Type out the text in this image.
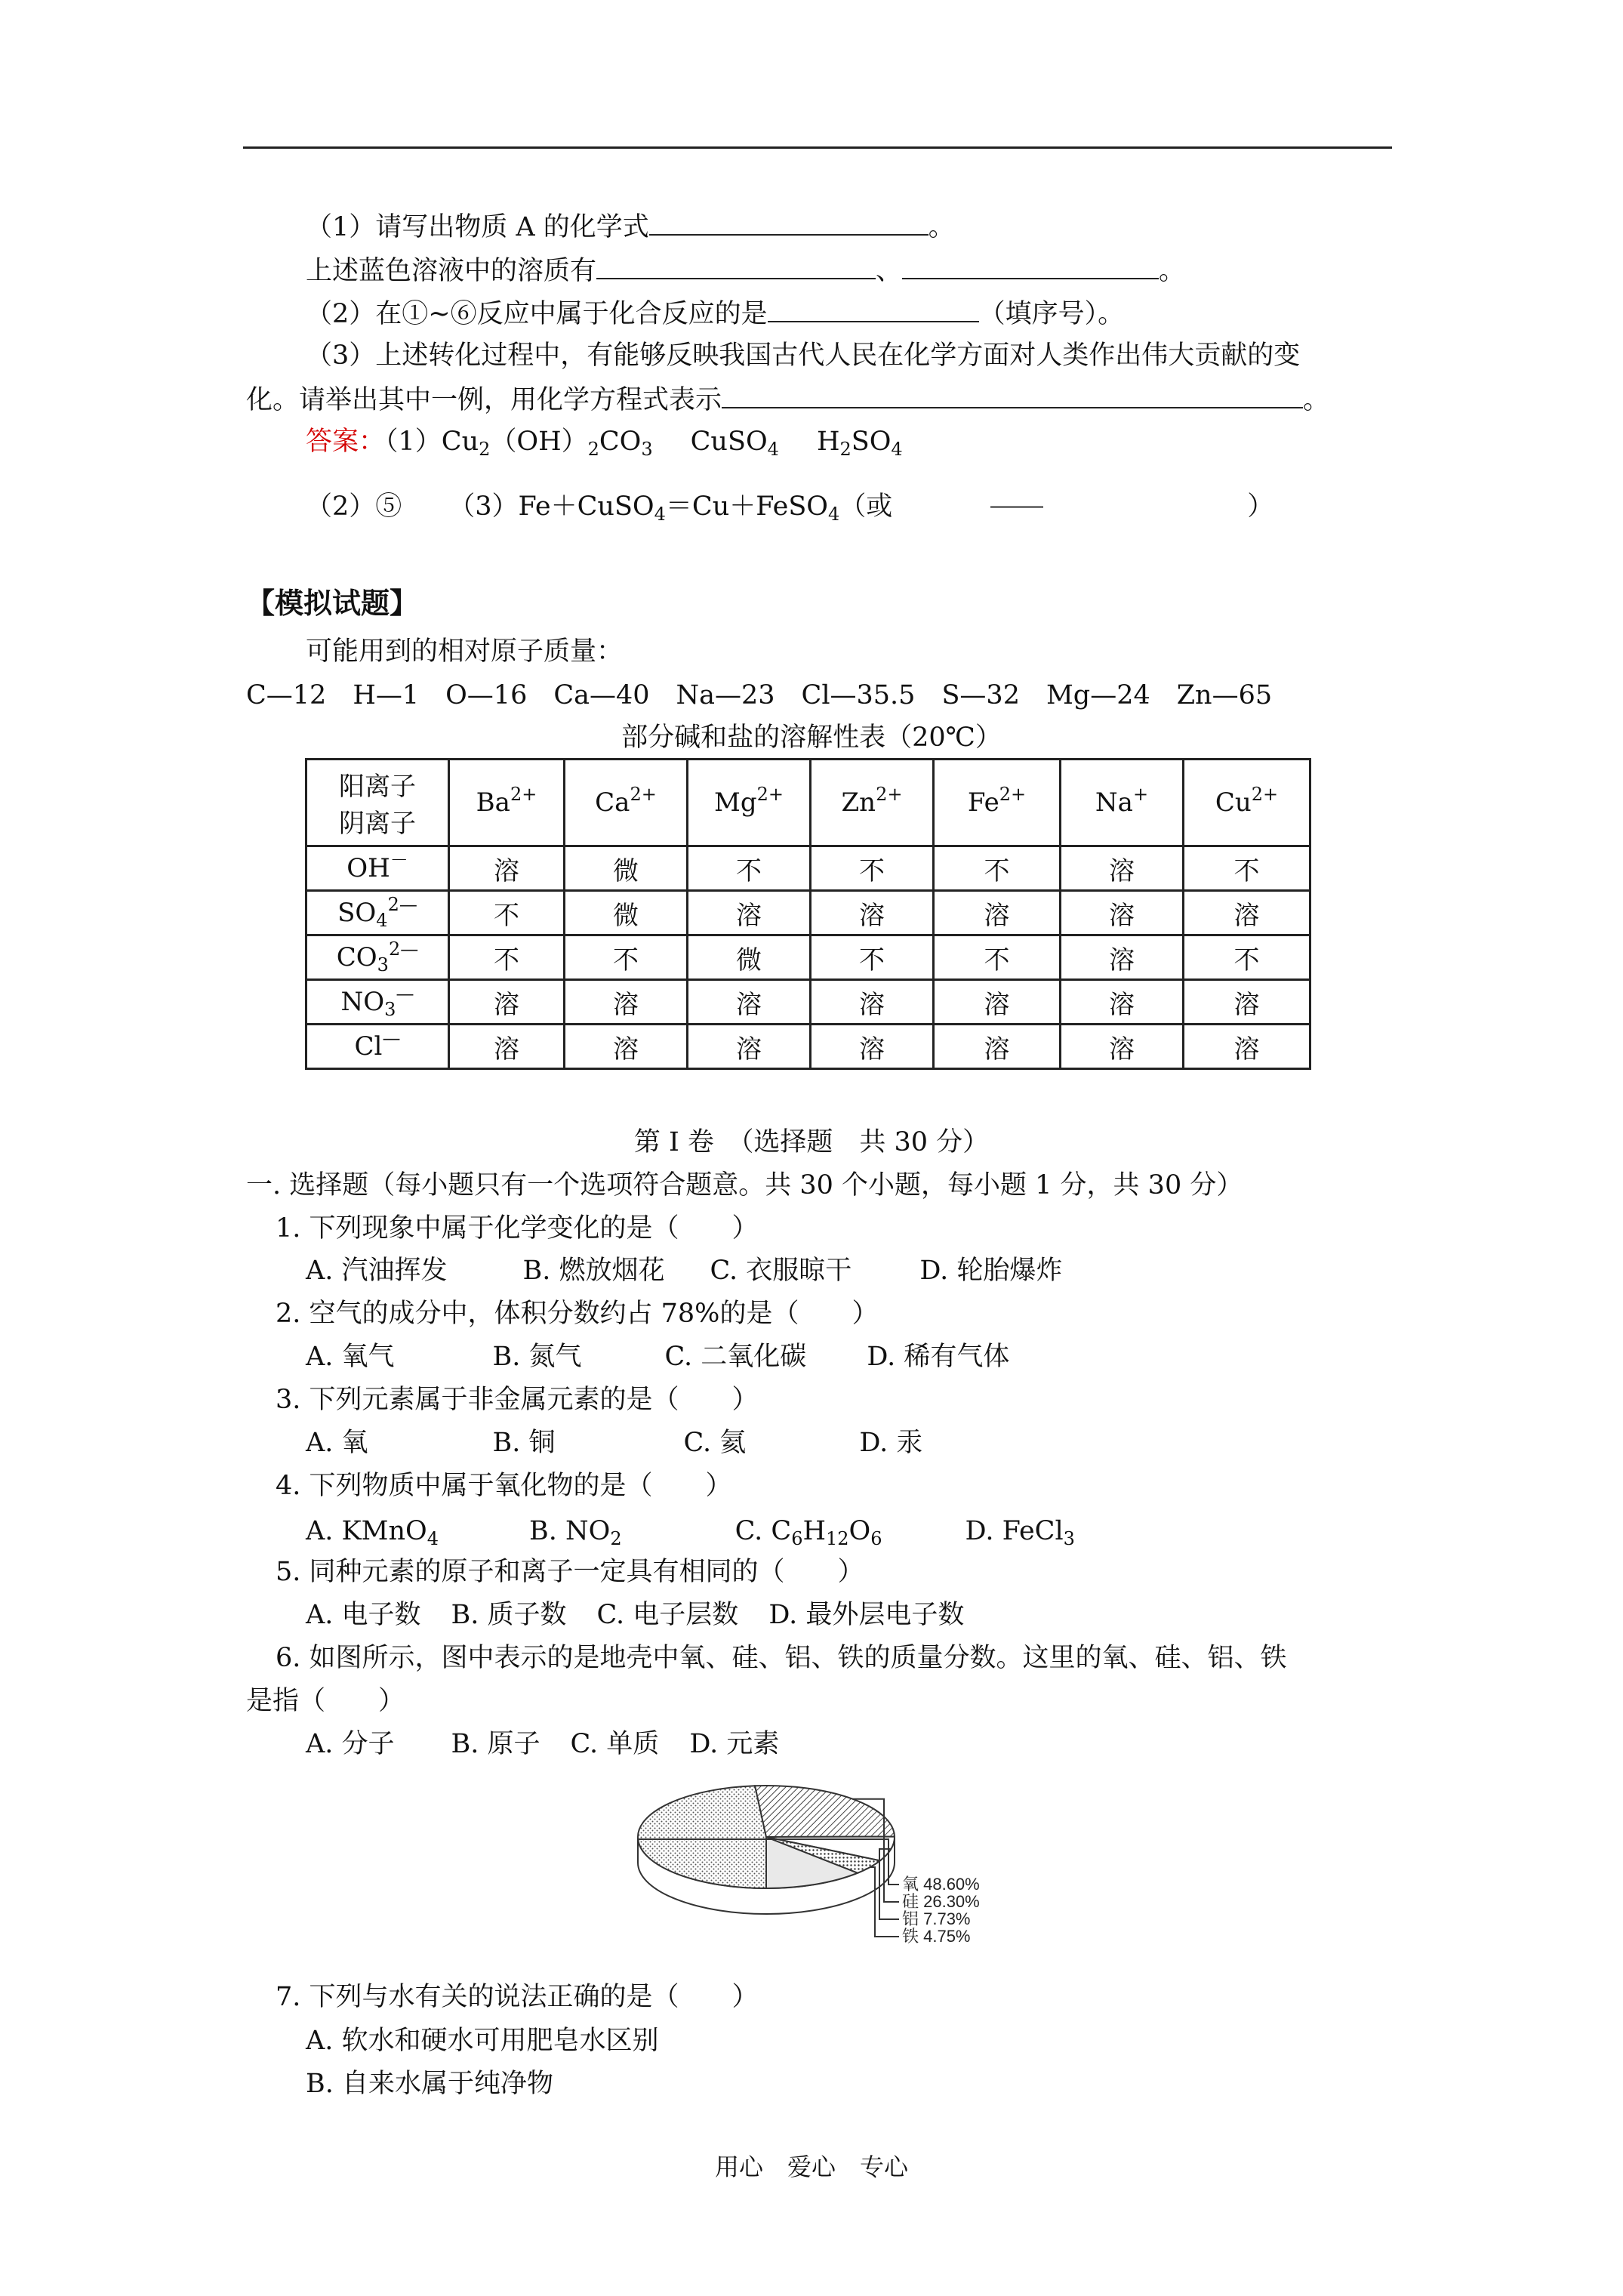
（1）请写出物质 A 的化学式	。
上述蓝色溶液中的溶质有	、	。
（2）在①~⑥反应中属于化合反应的是	（填序号）。
（3）上述转化过程中，有能够反映我国古代人民在化学方面对人类作出伟大贡献的变
化。请举出其中一例，用化学方程式表示	。
答案：$(1)Cu_2(OH)_2CO_3$ CuSO$_4$ $H_2SO_4$
（2）⑤ （3）Fe＋CuSO$_4$＝Cu＋FeSO$_4$（或	）
【模拟试题】
可能用到的相对原子质量：
C—12　H—1　O—16　Ca—40　Na—23　Cl—35.5　S—32　Mg—24　Zn—65
部分碱和盐的溶解性表（20℃）
阳离子
阴离子	$Ba^{2+}$	$Ca^{2+}$	$Mg^{2+}$	$Zn^{2+}$	$Fe^{2+}$	Na+	$Cu^{2+}$
OH－	溶	微	不	不	不	溶	不
$SO_4^{2—}$	不	微	溶	溶	溶	溶	溶
$CO_3^{2—}$	不	不	微	不	不	溶	不
$NO_3^—$	溶	溶	溶	溶	溶	溶	溶
Cl—	溶	溶	溶	溶	溶	溶	溶
第 I 卷　（选择题　共 30 分）
一. 选择题（每小题只有一个选项符合题意。共 30 个小题，每小题 1 分，共 30 分）
1. 下列现象中属于化学变化的是（　　）
A. 汽油挥发	B. 燃放烟花 C. 衣服晾干	D. 轮胎爆炸
2. 空气的成分中，体积分数约占 78%的是（　　）
A. 氧气	B. 氮气	C. 二氧化碳 D. 稀有气体
3. 下列元素属于非金属元素的是（　　）
A. 氧	B. 铜	C. 氦	D. 汞
4. 下列物质中属于氧化物的是（　　）
A. KMnO$_4$	B. $NO_2$	C. $C_6H_{12}O_6$	D. FeCl$_3$
5. 同种元素的原子和离子一定具有相同的（　　）
A. 电子数 B. 质子数 C. 电子层数 D. 最外层电子数
6. 如图所示，图中表示的是地壳中氧、硅、铝、铁的质量分数。这里的氧、硅、铝、铁
是指（　　）
A. 分子 B. 原子 C. 单质 D. 元素
氧 48.60%
硅 26.30%
铝 7.73%
铁 4.75%
7. 下列与水有关的说法正确的是（　　）
A. 软水和硬水可用肥皂水区别
B. 自来水属于纯净物
用心　爱心　专心
